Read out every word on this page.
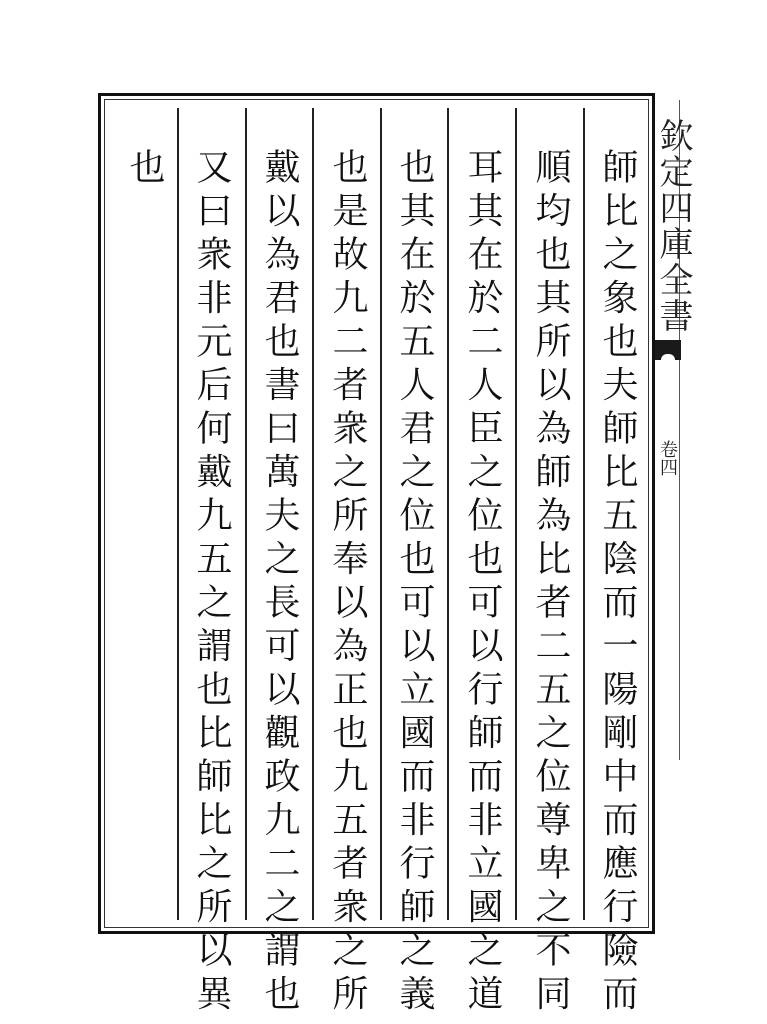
欽定四庫全書
卷四
師比之象也夫師比五陰而一陽剛中而應行險而
順均也其所以為師為比者二五之位尊卑之不同
耳其在於二人臣之位也可以行師而非立國之道
也其在於五人君之位也可以立國而非行師之義
也是故九二者衆之所奉以為正也九五者衆之所
戴以為君也書曰萬夫之長可以觀政九二之謂也
又曰衆非元后何戴九五之謂也比師比之所以異
也
